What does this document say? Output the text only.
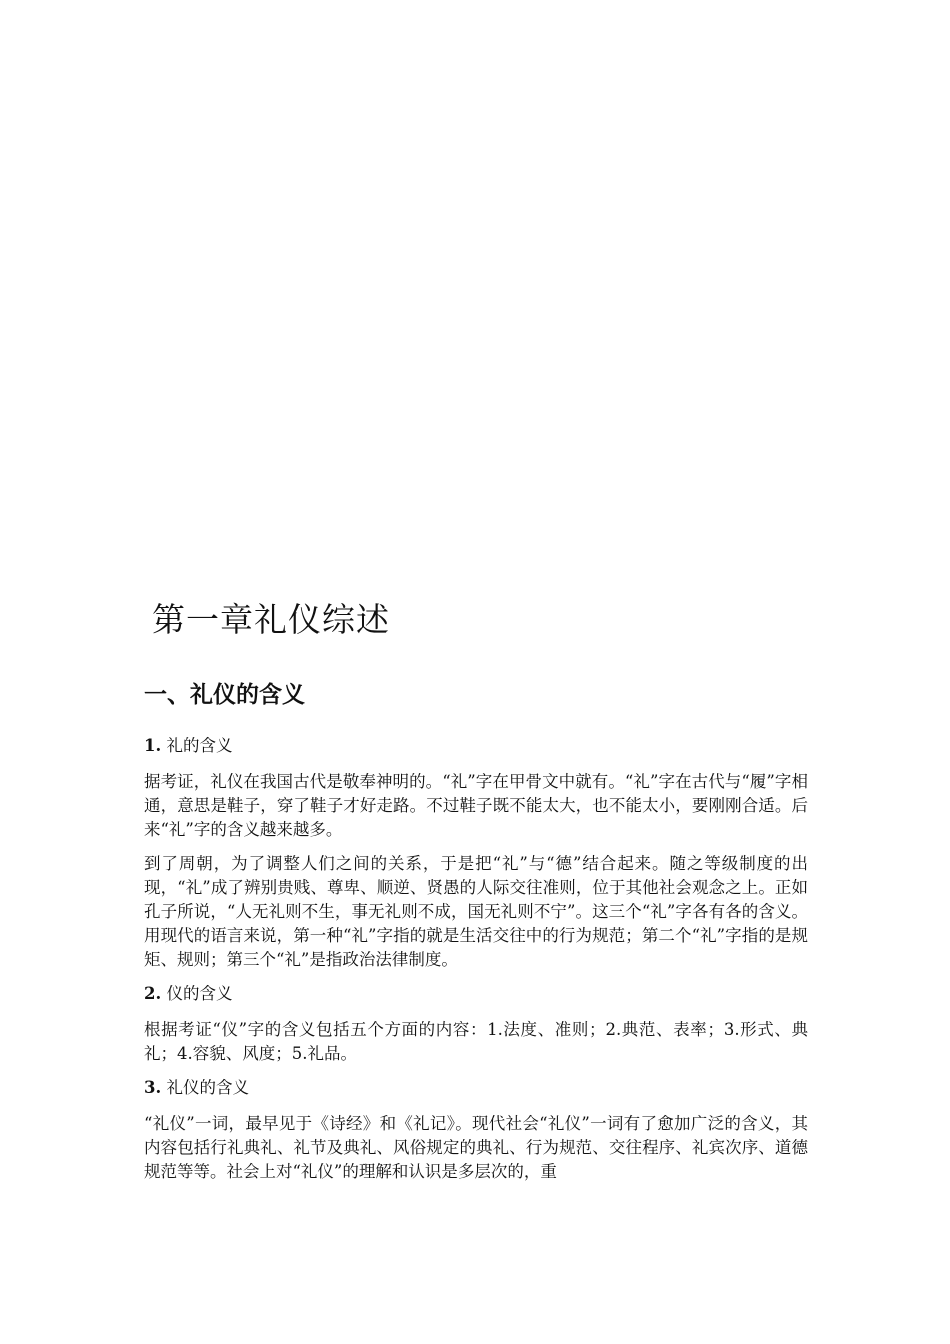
第一章礼仪综述
一、礼仪的含义
1. 礼的含义

据考证，礼仪在我国古代是敬奉神明的。“礼”字在甲骨文中就有。“礼”字在古代与“履”字相通，意思是鞋子，穿了鞋子才好走路。不过鞋子既不能太大，也不能太小，要刚刚合适。后来“礼”字的含义越来越多。

到了周朝，为了调整人们之间的关系，于是把“礼”与“德”结合起来。随之等级制度的出现，“礼”成了辨别贵贱、尊卑、顺逆、贤愚的人际交往准则，位于其他社会观念之上。正如孔子所说，“人无礼则不生，事无礼则不成，国无礼则不宁”。这三个“礼”字各有各的含义。用现代的语言来说，第一种“礼”字指的就是生活交往中的行为规范；第二个“礼”字指的是规矩、规则；第三个“礼”是指政治法律制度。

2. 仪的含义

根据考证“仪”字的含义包括五个方面的内容：1.法度、准则；2.典范、表率；3.形式、典礼；4.容貌、风度；5.礼品。

3. 礼仪的含义

“礼仪”一词，最早见于《诗经》和《礼记》。现代社会“礼仪”一词有了愈加广泛的含义，其内容包括行礼典礼、礼节及典礼、风俗规定的典礼、行为规范、交往程序、礼宾次序、道德规范等等。社会上对“礼仪”的理解和认识是多层次的，重
